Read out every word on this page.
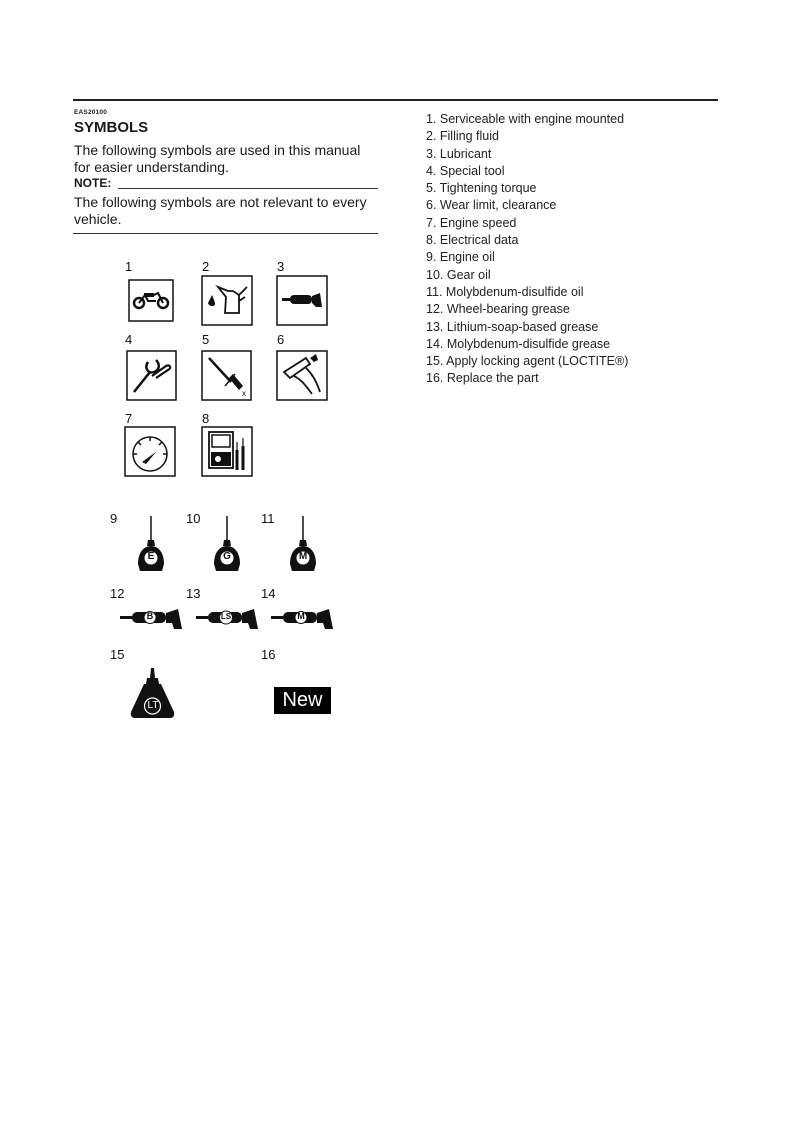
EAS20100
SYMBOLS
The following symbols are used in this manual for easier understanding.
NOTE:
The following symbols are not relevant to every vehicle.
1. Serviceable with engine mounted
2. Filling fluid
3. Lubricant
4. Special tool
5. Tightening torque
6. Wear limit, clearance
7. Engine speed
8. Electrical data
9. Engine oil
10. Gear oil
11. Molybdenum-disulfide oil
12. Wheel-bearing grease
13. Lithium-soap-based grease
14. Molybdenum-disulfide grease
15. Apply locking agent (LOCTITE®)
16. Replace the part
1	2	3
4	5	6
x
7	8
9	10	11
E	G	M
12	13	14
B	LS	M
15	16
LT	New
